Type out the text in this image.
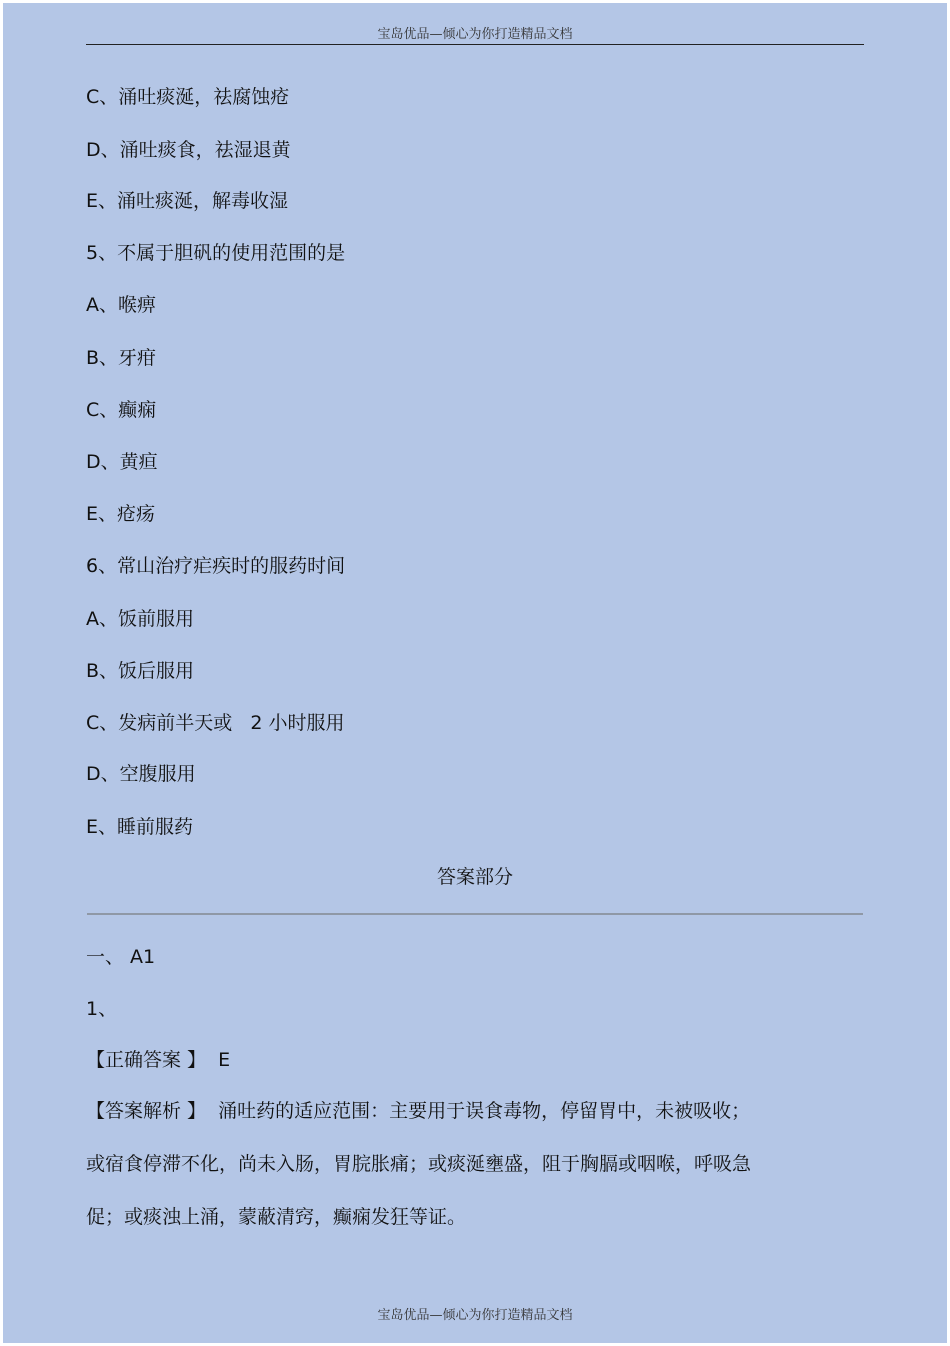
宝岛优品—倾心为你打造精品文档
C、涌吐痰涎，祛腐蚀疮
D、涌吐痰食，祛湿退黄
E、涌吐痰涎，解毒收湿
5、不属于胆矾的使用范围的是
A、喉痹
B、牙疳
C、癫痫
D、黄疸
E、疮疡
6、常山治疗疟疾时的服药时间
A、饭前服用
B、饭后服用
C、发病前半天或   2 小时服用
D、空腹服用
E、睡前服药
答案部分
一、 A1
1、
【正确答案 】  E
【答案解析 】  涌吐药的适应范围：主要用于误食毒物，停留胃中，未被吸收；
或宿食停滞不化，尚未入肠，胃脘胀痛；或痰涎壅盛，阻于胸膈或咽喉，呼吸急
促；或痰浊上涌，蒙蔽清窍，癫痫发狂等证。
宝岛优品—倾心为你打造精品文档
